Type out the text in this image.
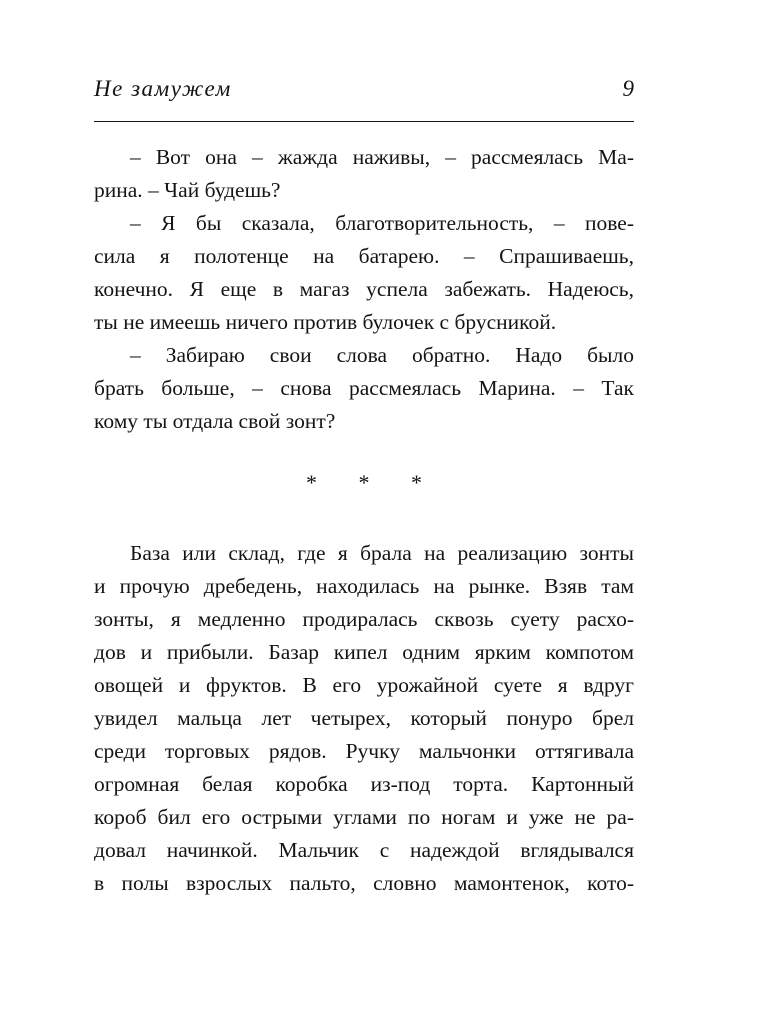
Не замужем	9
– Вот она – жажда наживы, – рассмеялась Ма-
рина. – Чай будешь?
– Я бы сказала, благотворительность, – пове-
сила я полотенце на батарею. – Спрашиваешь,
конечно. Я еще в магаз успела забежать. Надеюсь,
ты не имеешь ничего против булочек с брусникой.
– Забираю свои слова обратно. Надо было
брать больше, – снова рассмеялась Марина. – Так
кому ты отдала свой зонт?
* * *
База или склад, где я брала на реализацию зонты
и прочую дребедень, находилась на рынке. Взяв там
зонты, я медленно продиралась сквозь суету расхо-
дов и прибыли. Базар кипел одним ярким компотом
овощей и фруктов. В его урожайной суете я вдруг
увидел мальца лет четырех, который понуро брел
среди торговых рядов. Ручку мальчонки оттягивала
огромная белая коробка из-под торта. Картонный
короб бил его острыми углами по ногам и уже не ра-
довал начинкой. Мальчик с надеждой вглядывался
в полы взрослых пальто, словно мамонтенок, кото-
